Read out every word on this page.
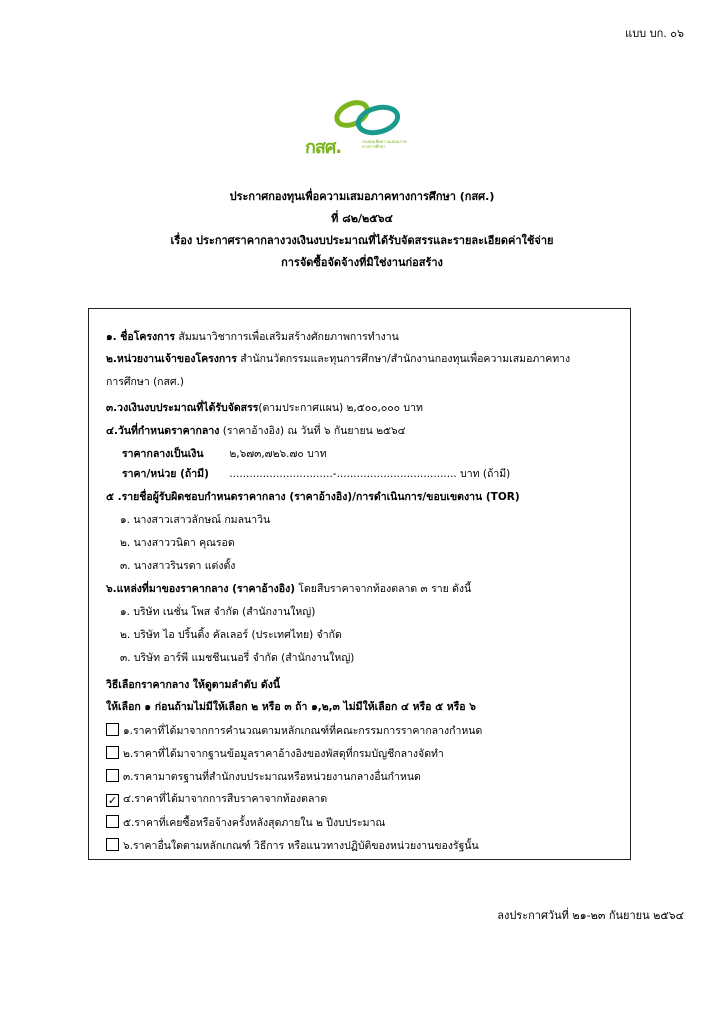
แบบ บก. ๐๖
กสศ.	กองทุนเพื่อความเสมอภาคทางการศึกษา
ประกาศกองทุนเพื่อความเสมอภาคทางการศึกษา (กสศ.)
ที่ ๘๒/๒๕๖๔
เรื่อง ประกาศราคากลางวงเงินงบประมาณที่ได้รับจัดสรรและรายละเอียดค่าใช้จ่าย
การจัดซื้อจัดจ้างที่มิใช่งานก่อสร้าง
๑. ชื่อโครงการ สัมมนาวิชาการเพื่อเสริมสร้างศักยภาพการทำงาน
๒.หน่วยงานเจ้าของโครงการ สำนักนวัตกรรมและทุนการศึกษา/สำนักงานกองทุนเพื่อความเสมอภาคทาง
การศึกษา (กสศ.)
๓.วงเงินงบประมาณที่ได้รับจัดสรร(ตามประกาศแผน) ๒,๕๐๐,๐๐๐ บาท
๔.วันที่กำหนดราคากลาง (ราคาอ้างอิง) ณ วันที่ ๖ กันยายน ๒๕๖๔
ราคากลางเป็นเงิน ๒,๖๗๓,๗๒๖.๗๐ บาท
ราคา/หน่วย (ถ้ามี) ...............................-.................................... บาท (ถ้ามี)
๕ .รายชื่อผู้รับผิดชอบกำหนดราคากลาง (ราคาอ้างอิง)/การดำเนินการ/ขอบเขตงาน (TOR)
๑. นางสาวเสาวลักษณ์ กมลนาวิน
๒. นางสาววนิดา คุณรอด
๓. นางสาวรินรดา แต่งตั้ง
๖.แหล่งที่มาของราคากลาง (ราคาอ้างอิง) โดยสืบราคาจากท้องตลาด ๓ ราย ดังนี้
๑. บริษัท เนชั่น โพส จำกัด (สำนักงานใหญ่)
๒. บริษัท ไอ ปริ้นติ้ง คัลเลอร์ (ประเทศไทย) จำกัด
๓. บริษัท อาร์พี แมชชีนเนอรี่ จำกัด (สำนักงานใหญ่)
วิธีเลือกราคากลาง ให้ดูตามลำดับ ดังนี้
ให้เลือก ๑ ก่อนถ้ามไม่มีให้เลือก ๒ หรือ ๓ ถ้า ๑,๒,๓ ไม่มีให้เลือก ๔ หรือ ๕ หรือ ๖
๑.ราคาที่ได้มาจากการคำนวณตามหลักเกณฑ์ที่คณะกรรมการราคากลางกำหนด
๒.ราคาที่ได้มาจากฐานข้อมูลราคาอ้างอิงของพัสดุที่กรมบัญชีกลางจัดทำ
๓.ราคามาตรฐานที่สำนักงบประมาณหรือหน่วยงานกลางอื่นกำหนด
✓ ๔.ราคาที่ได้มาจากการสืบราคาจากท้องตลาด
๕.ราคาที่เคยซื้อหรือจ้างครั้งหลังสุดภายใน ๒ ปีงบประมาณ
๖.ราคาอื่นใดตามหลักเกณฑ์ วิธีการ หรือแนวทางปฏิบัติของหน่วยงานของรัฐนั้น
ลงประกาศวันที่ ๒๑-๒๓ กันยายน ๒๕๖๔
